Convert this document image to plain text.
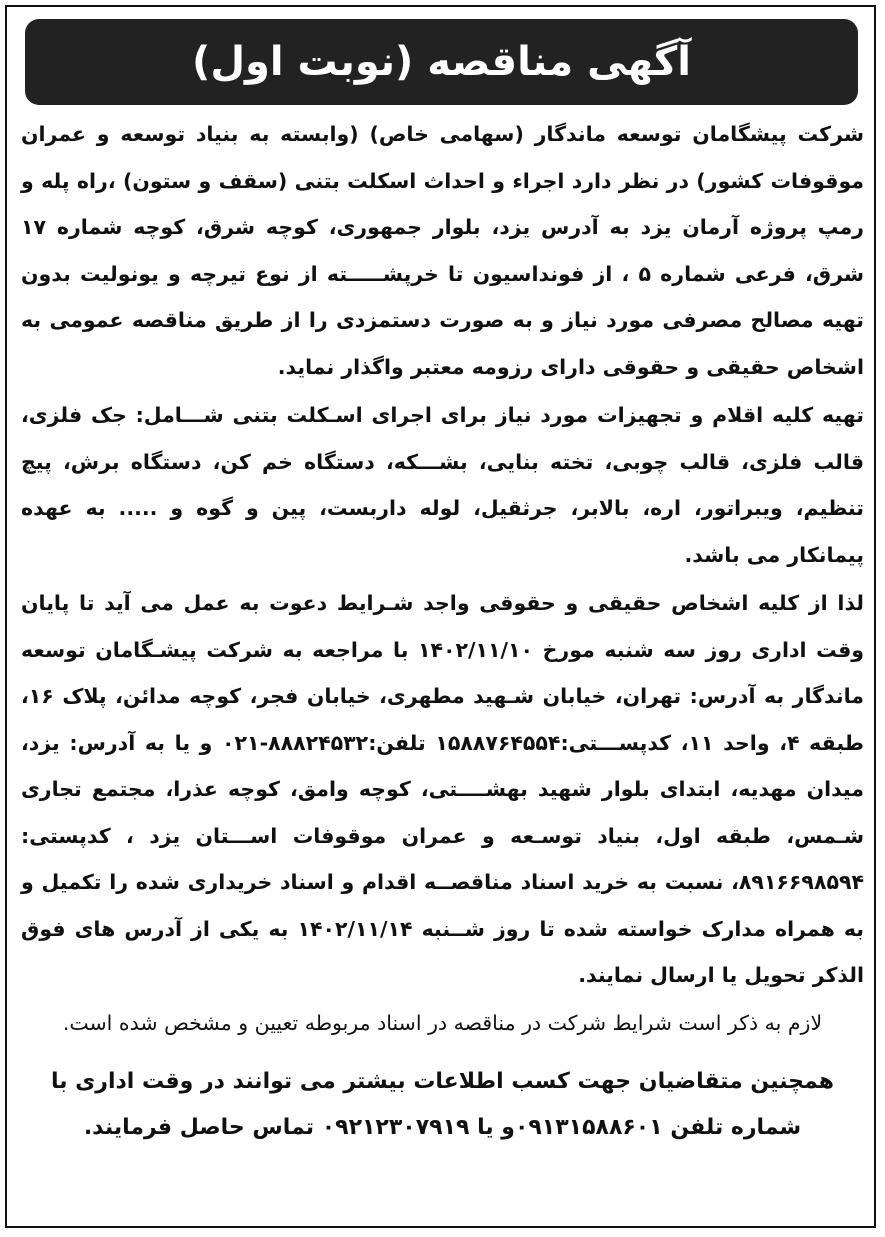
آگهی مناقصه (نوبت اول)

شرکت پیشگامان توسعه ماندگار (سهامی خاص) (وابسته به بنیاد توسعه و عمران موقوفات کشور) در نظر دارد اجراء و احداث اسکلت بتنی (سقف و ستون) ،راه پله و رمپ پروژه آرمان یزد به آدرس یزد، بلوار جمهوری، کوچه شرق، کوچه شماره ۱۷ شرق، فرعی شماره ۵ ، از فونداسیون تا خرپشـــــته از نوع تیرچه و یونولیت بدون تهیه مصالح مصرفی مورد نیاز و به صورت دستمزدی را از طریق مناقصه عمومی به اشخاص حقیقی و حقوقی دارای رزومه معتبر واگذار نماید.

تهیه کلیه اقلام و تجهیزات مورد نیاز برای اجرای اسـکلت بتنی شـــامل: جک فلزی، قالب فلزی، قالب چوبی، تخته بنایی، بشـــکه، دستگاه خم کن، دستگاه برش، پیچ تنظیم، ویبراتور، اره، بالابر، جرثقیل، لوله داربست، پین و گوه و ..... به عهده پیمانکار می باشد.

لذا از کلیه اشخاص حقیقی و حقوقی واجد شـرایط دعوت به عمل می آید تا پایان وقت اداری روز سه شنبه مورخ ۱۴۰۲/۱۱/۱۰ با مراجعه به شرکت پیشـگامان توسعه ماندگار به آدرس: تهران، خیابان شـهید مطهری، خیابان فجر، کوچه مدائن، پلاک ۱۶، طبقه ۴، واحد ۱۱، کدپســـتی:۱۵۸۸۷۶۴۵۵۴ تلفن:۸۸۸۲۴۵۳۲-۰۲۱ و یا به آدرس: یزد، میدان مهدیه، ابتدای بلوار شهید بهشــــتی، کوچه وامق، کوچه عذرا، مجتمع تجاری شـمس، طبقه اول، بنیاد توسـعه و عمران موقوفات اســـتان یزد ، کدپستی: ۸۹۱۶۶۹۸۵۹۴، نسبت به خرید اسناد مناقصــه اقدام و اسناد خریداری شده را تکمیل و به همراه مدارک خواسته شده تا روز شــنبه ۱۴۰۲/۱۱/۱۴ به یکی از آدرس های فوق الذکر تحویل یا ارسال نمایند.

لازم به ذکر است شرایط شرکت در مناقصه در اسناد مربوطه تعیین و مشخص شده است.

همچنین متقاضیان جهت کسب اطلاعات بیشتر می توانند در وقت اداری با شماره تلفن ۰۹۱۳۱۵۸۸۶۰۱و یا ۰۹۲۱۲۳۰۷۹۱۹ تماس حاصل فرمایند.
